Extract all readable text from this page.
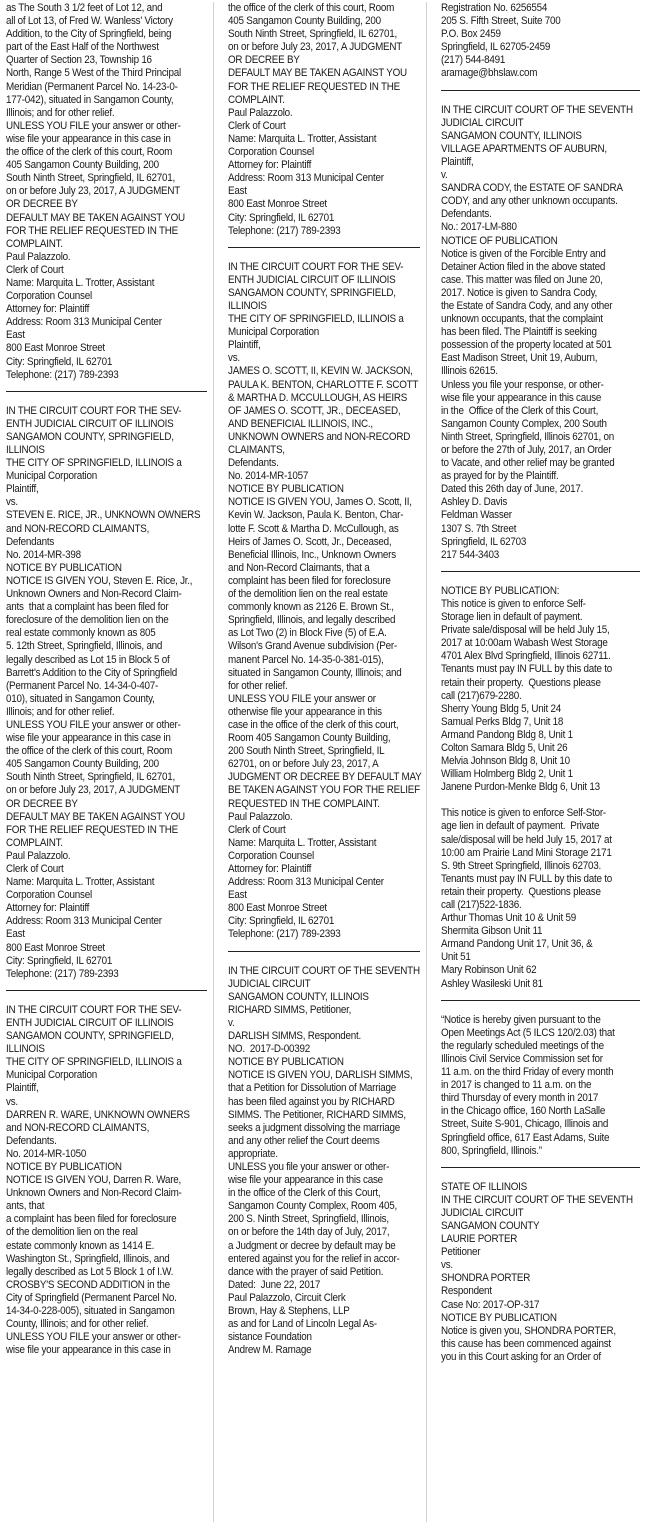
as The South 3 1/2 feet of Lot 12, and
all of Lot 13, of Fred W. Wanless' Victory
Addition, to the City of Springfield, being
part of the East Half of the Northwest
Quarter of Section 23, Township 16
North, Range 5 West of the Third Principal
Meridian (Permanent Parcel No. 14-23-0-
177-042), situated in Sangamon County,
Illinois; and for other relief.
UNLESS YOU FILE your answer or other-
wise file your appearance in this case in
the office of the clerk of this court, Room
405 Sangamon County Building, 200
South Ninth Street, Springfield, IL 62701,
on or before July 23, 2017, A JUDGMENT
OR DECREE BY
DEFAULT MAY BE TAKEN AGAINST YOU
FOR THE RELIEF REQUESTED IN THE
COMPLAINT.
Paul Palazzolo.
Clerk of Court
Name: Marquita L. Trotter, Assistant
Corporation Counsel
Attorney for: Plaintiff
Address: Room 313 Municipal Center
East
800 East Monroe Street
City: Springfield, IL 62701
Telephone: (217) 789-2393
IN THE CIRCUIT COURT FOR THE SEV-
ENTH JUDICIAL CIRCUIT OF ILLINOIS
SANGAMON COUNTY, SPRINGFIELD,
ILLINOIS
THE CITY OF SPRINGFIELD, ILLINOIS a
Municipal Corporation
Plaintiff,
vs.
STEVEN E. RICE, JR., UNKNOWN OWNERS
and NON-RECORD CLAIMANTS,
Defendants
No. 2014-MR-398
NOTICE BY PUBLICATION
NOTICE IS GIVEN YOU, Steven E. Rice, Jr.,
Unknown Owners and Non-Record Claim-
ants  that a complaint has been filed for
foreclosure of the demolition lien on the
real estate commonly known as 805
5. 12th Street, Springfield, Illinois, and
legally described as Lot 15 in Block 5 of
Barrett's Addition to the City of Springfield
(Permanent Parcel No. 14-34-0-407-
010), situated in Sangamon County,
Illinois; and for other relief.
UNLESS YOU FILE your answer or other-
wise file your appearance in this case in
the office of the clerk of this court, Room
405 Sangamon County Building, 200
South Ninth Street, Springfield, IL 62701,
on or before July 23, 2017, A JUDGMENT
OR DECREE BY
DEFAULT MAY BE TAKEN AGAINST YOU
FOR THE RELIEF REQUESTED IN THE
COMPLAINT.
Paul Palazzolo.
Clerk of Court
Name: Marquita L. Trotter, Assistant
Corporation Counsel
Attorney for: Plaintiff
Address: Room 313 Municipal Center
East
800 East Monroe Street
City: Springfield, IL 62701
Telephone: (217) 789-2393
IN THE CIRCUIT COURT FOR THE SEV-
ENTH JUDICIAL CIRCUIT OF ILLINOIS
SANGAMON COUNTY, SPRINGFIELD,
ILLINOIS
THE CITY OF SPRINGFIELD, ILLINOIS a
Municipal Corporation
Plaintiff,
vs.
DARREN R. WARE, UNKNOWN OWNERS
and NON-RECORD CLAIMANTS,
Defendants.
No. 2014-MR-1050
NOTICE BY PUBLICATION
NOTICE IS GIVEN YOU, Darren R. Ware,
Unknown Owners and Non-Record Claim-
ants, that
a complaint has been filed for foreclosure
of the demolition lien on the real
estate commonly known as 1414 E.
Washington St., Springfield, Illinois, and
legally described as Lot 5 Block 1 of I.W.
CROSBY'S SECOND ADDITION in the
City of Springfield (Permanent Parcel No.
14-34-0-228-005), situated in Sangamon
County, Illinois; and for other relief.
UNLESS YOU FILE your answer or other-
wise file your appearance in this case in
the office of the clerk of this court, Room
405 Sangamon County Building, 200
South Ninth Street, Springfield, IL 62701,
on or before July 23, 2017, A JUDGMENT
OR DECREE BY
DEFAULT MAY BE TAKEN AGAINST YOU
FOR THE RELIEF REQUESTED IN THE
COMPLAINT.
Paul Palazzolo.
Clerk of Court
Name: Marquita L. Trotter, Assistant
Corporation Counsel
Attorney for: Plaintiff
Address: Room 313 Municipal Center
East
800 East Monroe Street
City: Springfield, IL 62701
Telephone: (217) 789-2393
IN THE CIRCUIT COURT FOR THE SEV-
ENTH JUDICIAL CIRCUIT OF ILLINOIS
SANGAMON COUNTY, SPRINGFIELD,
ILLINOIS
THE CITY OF SPRINGFIELD, ILLINOIS a
Municipal Corporation
Plaintiff,
vs.
JAMES O. SCOTT, II, KEVIN W. JACKSON,
PAULA K. BENTON, CHARLOTTE F. SCOTT
& MARTHA D. MCCULLOUGH, AS HEIRS
OF JAMES O. SCOTT, JR., DECEASED,
AND BENEFICIAL ILLINOIS, INC.,
UNKNOWN OWNERS and NON-RECORD
CLAIMANTS,
Defendants.
No. 2014-MR-1057
NOTICE BY PUBLICATION
NOTICE IS GIVEN YOU, James O. Scott, II,
Kevin W. Jackson, Paula K. Benton, Char-
lotte F. Scott & Martha D. McCullough, as
Heirs of James O. Scott, Jr., Deceased,
Beneficial Illinois, Inc., Unknown Owners
and Non-Record Claimants, that a
complaint has been filed for foreclosure
of the demolition lien on the real estate
commonly known as 2126 E. Brown St.,
Springfield, Illinois, and legally described
as Lot Two (2) in Block Five (5) of E.A.
Wilson's Grand Avenue subdivision (Per-
manent Parcel No. 14-35-0-381-015),
situated in Sangamon County, Illinois; and
for other relief.
UNLESS YOU FILE your answer or
otherwise file your appearance in this
case in the office of the clerk of this court,
Room 405 Sangamon County Building,
200 South Ninth Street, Springfield, IL
62701, on or before July 23, 2017, A
JUDGMENT OR DECREE BY DEFAULT MAY
BE TAKEN AGAINST YOU FOR THE RELIEF
REQUESTED IN THE COMPLAINT.
Paul Palazzolo.
Clerk of Court
Name: Marquita L. Trotter, Assistant
Corporation Counsel
Attorney for: Plaintiff
Address: Room 313 Municipal Center
East
800 East Monroe Street
City: Springfield, IL 62701
Telephone: (217) 789-2393
IN THE CIRCUIT COURT OF THE SEVENTH
JUDICIAL CIRCUIT
SANGAMON COUNTY, ILLINOIS
RICHARD SIMMS, Petitioner,
v.
DARLISH SIMMS, Respondent.
NO.  2017-D-00392
NOTICE BY PUBLICATION
NOTICE IS GIVEN YOU, DARLISH SIMMS,
that a Petition for Dissolution of Marriage
has been filed against you by RICHARD
SIMMS. The Petitioner, RICHARD SIMMS,
seeks a judgment dissolving the marriage
and any other relief the Court deems
appropriate.
UNLESS you file your answer or other-
wise file your appearance in this case
in the office of the Clerk of this Court,
Sangamon County Complex, Room 405,
200 S. Ninth Street, Springfield, Illinois,
on or before the 14th day of July, 2017,
a Judgment or decree by default may be
entered against you for the relief in accor-
dance with the prayer of said Petition.
Dated:  June 22, 2017
Paul Palazzolo, Circuit Clerk
Brown, Hay & Stephens, LLP
as and for Land of Lincoln Legal As-
sistance Foundation
Andrew M. Ramage
Registration No. 6256554
205 S. Fifth Street, Suite 700
P.O. Box 2459
Springfield, IL 62705-2459
(217) 544-8491
aramage@bhslaw.com
IN THE CIRCUIT COURT OF THE SEVENTH
JUDICIAL CIRCUIT
SANGAMON COUNTY, ILLINOIS
VILLAGE APARTMENTS OF AUBURN,
Plaintiff,
v.
SANDRA CODY, the ESTATE OF SANDRA
CODY, and any other unknown occupants.
Defendants.
No.: 2017-LM-880
NOTICE OF PUBLICATION
Notice is given of the Forcible Entry and
Detainer Action filed in the above stated
case. This matter was filed on June 20,
2017. Notice is given to Sandra Cody,
the Estate of Sandra Cody, and any other
unknown occupants, that the complaint
has been filed. The Plaintiff is seeking
possession of the property located at 501
East Madison Street, Unit 19, Auburn,
Illinois 62615.
Unless you file your response, or other-
wise file your appearance in this cause
in the  Office of the Clerk of this Court,
Sangamon County Complex, 200 South
Ninth Street, Springfield, Illinois 62701, on
or before the 27th of July, 2017, an Order
to Vacate, and other relief may be granted
as prayed for by the Plaintiff.
Dated this 26th day of June, 2017.
Ashley D. Davis
Feldman Wasser
1307 S. 7th Street
Springfield, IL 62703
217 544-3403
NOTICE BY PUBLICATION:
This notice is given to enforce Self-
Storage lien in default of payment.
Private sale/disposal will be held July 15,
2017 at 10:00am Wabash West Storage
4701 Alex Blvd Springfield, Illinois 62711.
Tenants must pay IN FULL by this date to
retain their property.  Questions please
call (217)679-2280.
Sherry Young Bldg 5, Unit 24
Samual Perks Bldg 7, Unit 18
Armand Pandong Bldg 8, Unit 1
Colton Samara Bldg 5, Unit 26
Melvia Johnson Bldg 8, Unit 10
William Holmberg Bldg 2, Unit 1
Janene Purdon-Menke Bldg 6, Unit 13
This notice is given to enforce Self-Stor-
age lien in default of payment.  Private
sale/disposal will be held July 15, 2017 at
10:00 am Prairie Land Mini Storage 2171
S. 9th Street Springfield, Illinois 62703.
Tenants must pay IN FULL by this date to
retain their property.  Questions please
call (217)522-1836.
Arthur Thomas Unit 10 & Unit 59
Shermita Gibson Unit 11
Armand Pandong Unit 17, Unit 36, &
Unit 51
Mary Robinson Unit 62
Ashley Wasileski Unit 81
“Notice is hereby given pursuant to the
Open Meetings Act (5 ILCS 120/2.03) that
the regularly scheduled meetings of the
Illinois Civil Service Commission set for
11 a.m. on the third Friday of every month
in 2017 is changed to 11 a.m. on the
third Thursday of every month in 2017
in the Chicago office, 160 North LaSalle
Street, Suite S-901, Chicago, Illinois and
Springfield office, 617 East Adams, Suite
800, Springfield, Illinois.”
STATE OF ILLINOIS
IN THE CIRCUIT COURT OF THE SEVENTH
JUDICIAL CIRCUIT
SANGAMON COUNTY
LAURIE PORTER
Petitioner
vs.
SHONDRA PORTER
Respondent
Case No: 2017-OP-317
NOTICE BY PUBLICATION
Notice is given you, SHONDRA PORTER,
this cause has been commenced against
you in this Court asking for an Order of
